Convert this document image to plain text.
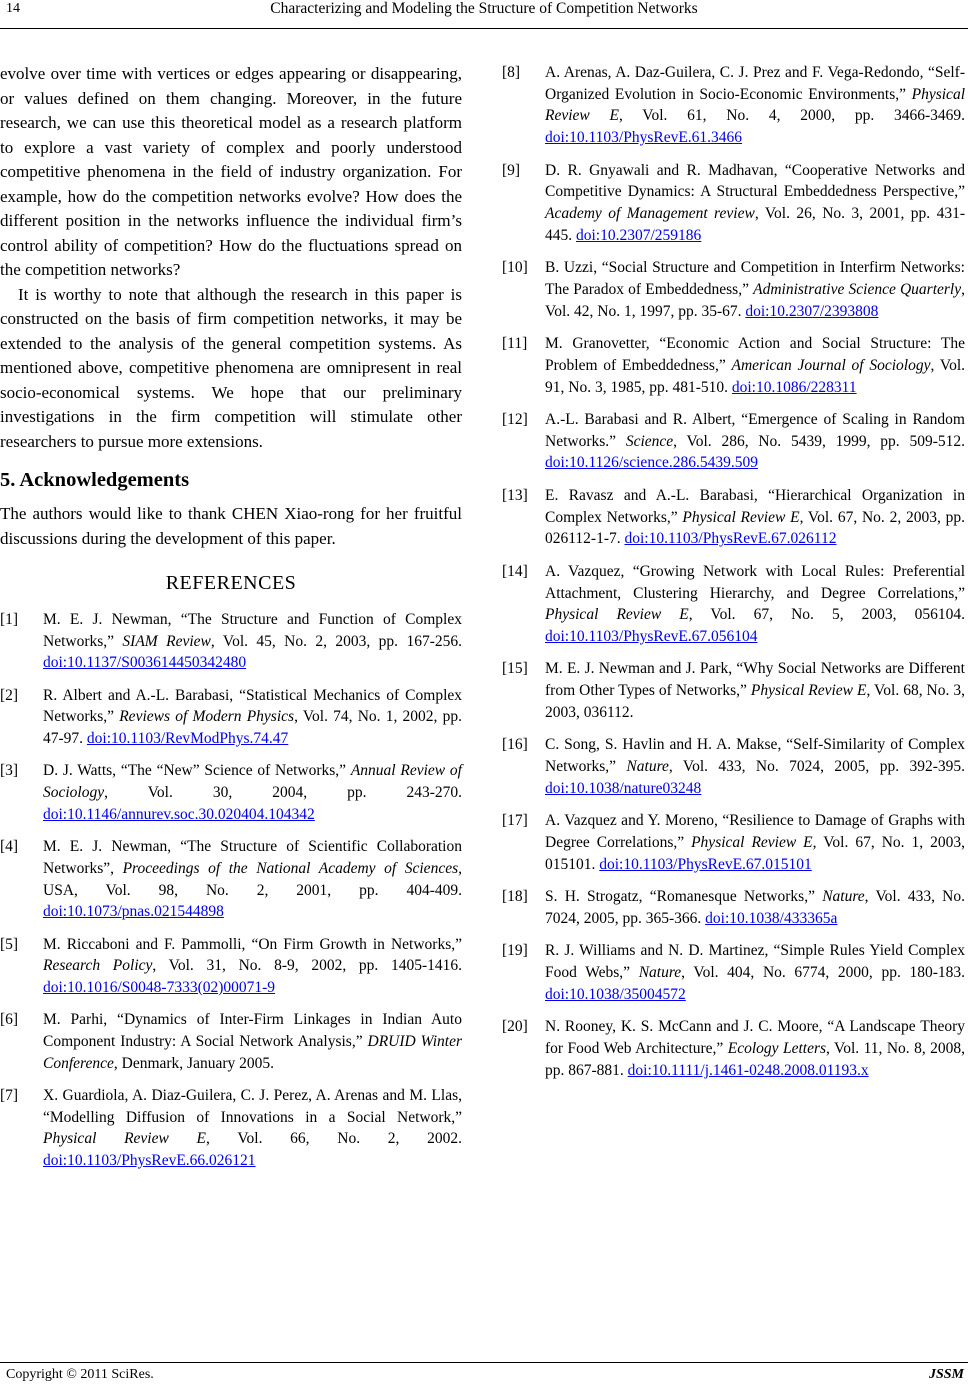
14	Characterizing and Modeling the Structure of Competition Networks

evolve over time with vertices or edges appearing or disappearing, or values defined on them changing. Moreover, in the future research, we can use this theoretical model as a research platform to explore a vast variety of complex and poorly understood competitive phenomena in the field of industry organization. For example, how do the competition networks evolve? How does the different position in the networks influence the individual firm’s control ability of competition? How do the fluctuations spread on the competition networks?

It is worthy to note that although the research in this paper is constructed on the basis of firm competition networks, it may be extended to the analysis of the general competition systems. As mentioned above, competitive phenomena are omnipresent in real socio-economical systems. We hope that our preliminary investigations in the firm competition will stimulate other researchers to pursue more extensions.

5. Acknowledgements

The authors would like to thank CHEN Xiao-rong for her fruitful discussions during the development of this paper.

REFERENCES
[1] M. E. J. Newman, “The Structure and Function of Complex Networks,” SIAM Review, Vol. 45, No. 2, 2003, pp. 167-256. doi:10.1137/S003614450342480
[2] R. Albert and A.-L. Barabasi, “Statistical Mechanics of Complex Networks,” Reviews of Modern Physics, Vol. 74, No. 1, 2002, pp. 47-97. doi:10.1103/RevModPhys.74.47
[3] D. J. Watts, “The “New” Science of Networks,” Annual Review of Sociology, Vol. 30, 2004, pp. 243-270. doi:10.1146/annurev.soc.30.020404.104342
[4] M. E. J. Newman, “The Structure of Scientific Collaboration Networks”, Proceedings of the National Academy of Sciences, USA, Vol. 98, No. 2, 2001, pp. 404-409. doi:10.1073/pnas.021544898
[5] M. Riccaboni and F. Pammolli, “On Firm Growth in Networks,” Research Policy, Vol. 31, No. 8-9, 2002, pp. 1405-1416. doi:10.1016/S0048-7333(02)00071-9
[6] M. Parhi, “Dynamics of Inter-Firm Linkages in Indian Auto Component Industry: A Social Network Analysis,” DRUID Winter Conference, Denmark, January 2005.
[7] X. Guardiola, A. Diaz-Guilera, C. J. Perez, A. Arenas and M. Llas, “Modelling Diffusion of Innovations in a Social Network,” Physical Review E, Vol. 66, No. 2, 2002. doi:10.1103/PhysRevE.66.026121
[8] A. Arenas, A. Daz-Guilera, C. J. Prez and F. Vega-Redondo, “Self-Organized Evolution in Socio-Economic Environments,” Physical Review E, Vol. 61, No. 4, 2000, pp. 3466-3469. doi:10.1103/PhysRevE.61.3466
[9] D. R. Gnyawali and R. Madhavan, “Cooperative Networks and Competitive Dynamics: A Structural Embeddedness Perspective,” Academy of Management review, Vol. 26, No. 3, 2001, pp. 431-445. doi:10.2307/259186
[10] B. Uzzi, “Social Structure and Competition in Interfirm Networks: The Paradox of Embeddedness,” Administrative Science Quarterly, Vol. 42, No. 1, 1997, pp. 35-67. doi:10.2307/2393808
[11] M. Granovetter, “Economic Action and Social Structure: The Problem of Embeddedness,” American Journal of Sociology, Vol. 91, No. 3, 1985, pp. 481-510. doi:10.1086/228311
[12] A.-L. Barabasi and R. Albert, “Emergence of Scaling in Random Networks.” Science, Vol. 286, No. 5439, 1999, pp. 509-512. doi:10.1126/science.286.5439.509
[13] E. Ravasz and A.-L. Barabasi, “Hierarchical Organization in Complex Networks,” Physical Review E, Vol. 67, No. 2, 2003, pp. 026112-1-7. doi:10.1103/PhysRevE.67.026112
[14] A. Vazquez, “Growing Network with Local Rules: Preferential Attachment, Clustering Hierarchy, and Degree Correlations,” Physical Review E, Vol. 67, No. 5, 2003, 056104. doi:10.1103/PhysRevE.67.056104
[15] M. E. J. Newman and J. Park, “Why Social Networks are Different from Other Types of Networks,” Physical Review E, Vol. 68, No. 3, 2003, 036112.
[16] C. Song, S. Havlin and H. A. Makse, “Self-Similarity of Complex Networks,” Nature, Vol. 433, No. 7024, 2005, pp. 392-395. doi:10.1038/nature03248
[17] A. Vazquez and Y. Moreno, “Resilience to Damage of Graphs with Degree Correlations,” Physical Review E, Vol. 67, No. 1, 2003, 015101. doi:10.1103/PhysRevE.67.015101
[18] S. H. Strogatz, “Romanesque Networks,” Nature, Vol. 433, No. 7024, 2005, pp. 365-366. doi:10.1038/433365a
[19] R. J. Williams and N. D. Martinez, “Simple Rules Yield Complex Food Webs,” Nature, Vol. 404, No. 6774, 2000, pp. 180-183. doi:10.1038/35004572
[20] N. Rooney, K. S. McCann and J. C. Moore, “A Landscape Theory for Food Web Architecture,” Ecology Letters, Vol. 11, No. 8, 2008, pp. 867-881. doi:10.1111/j.1461-0248.2008.01193.x
Copyright © 2011 SciRes.	JSSM
